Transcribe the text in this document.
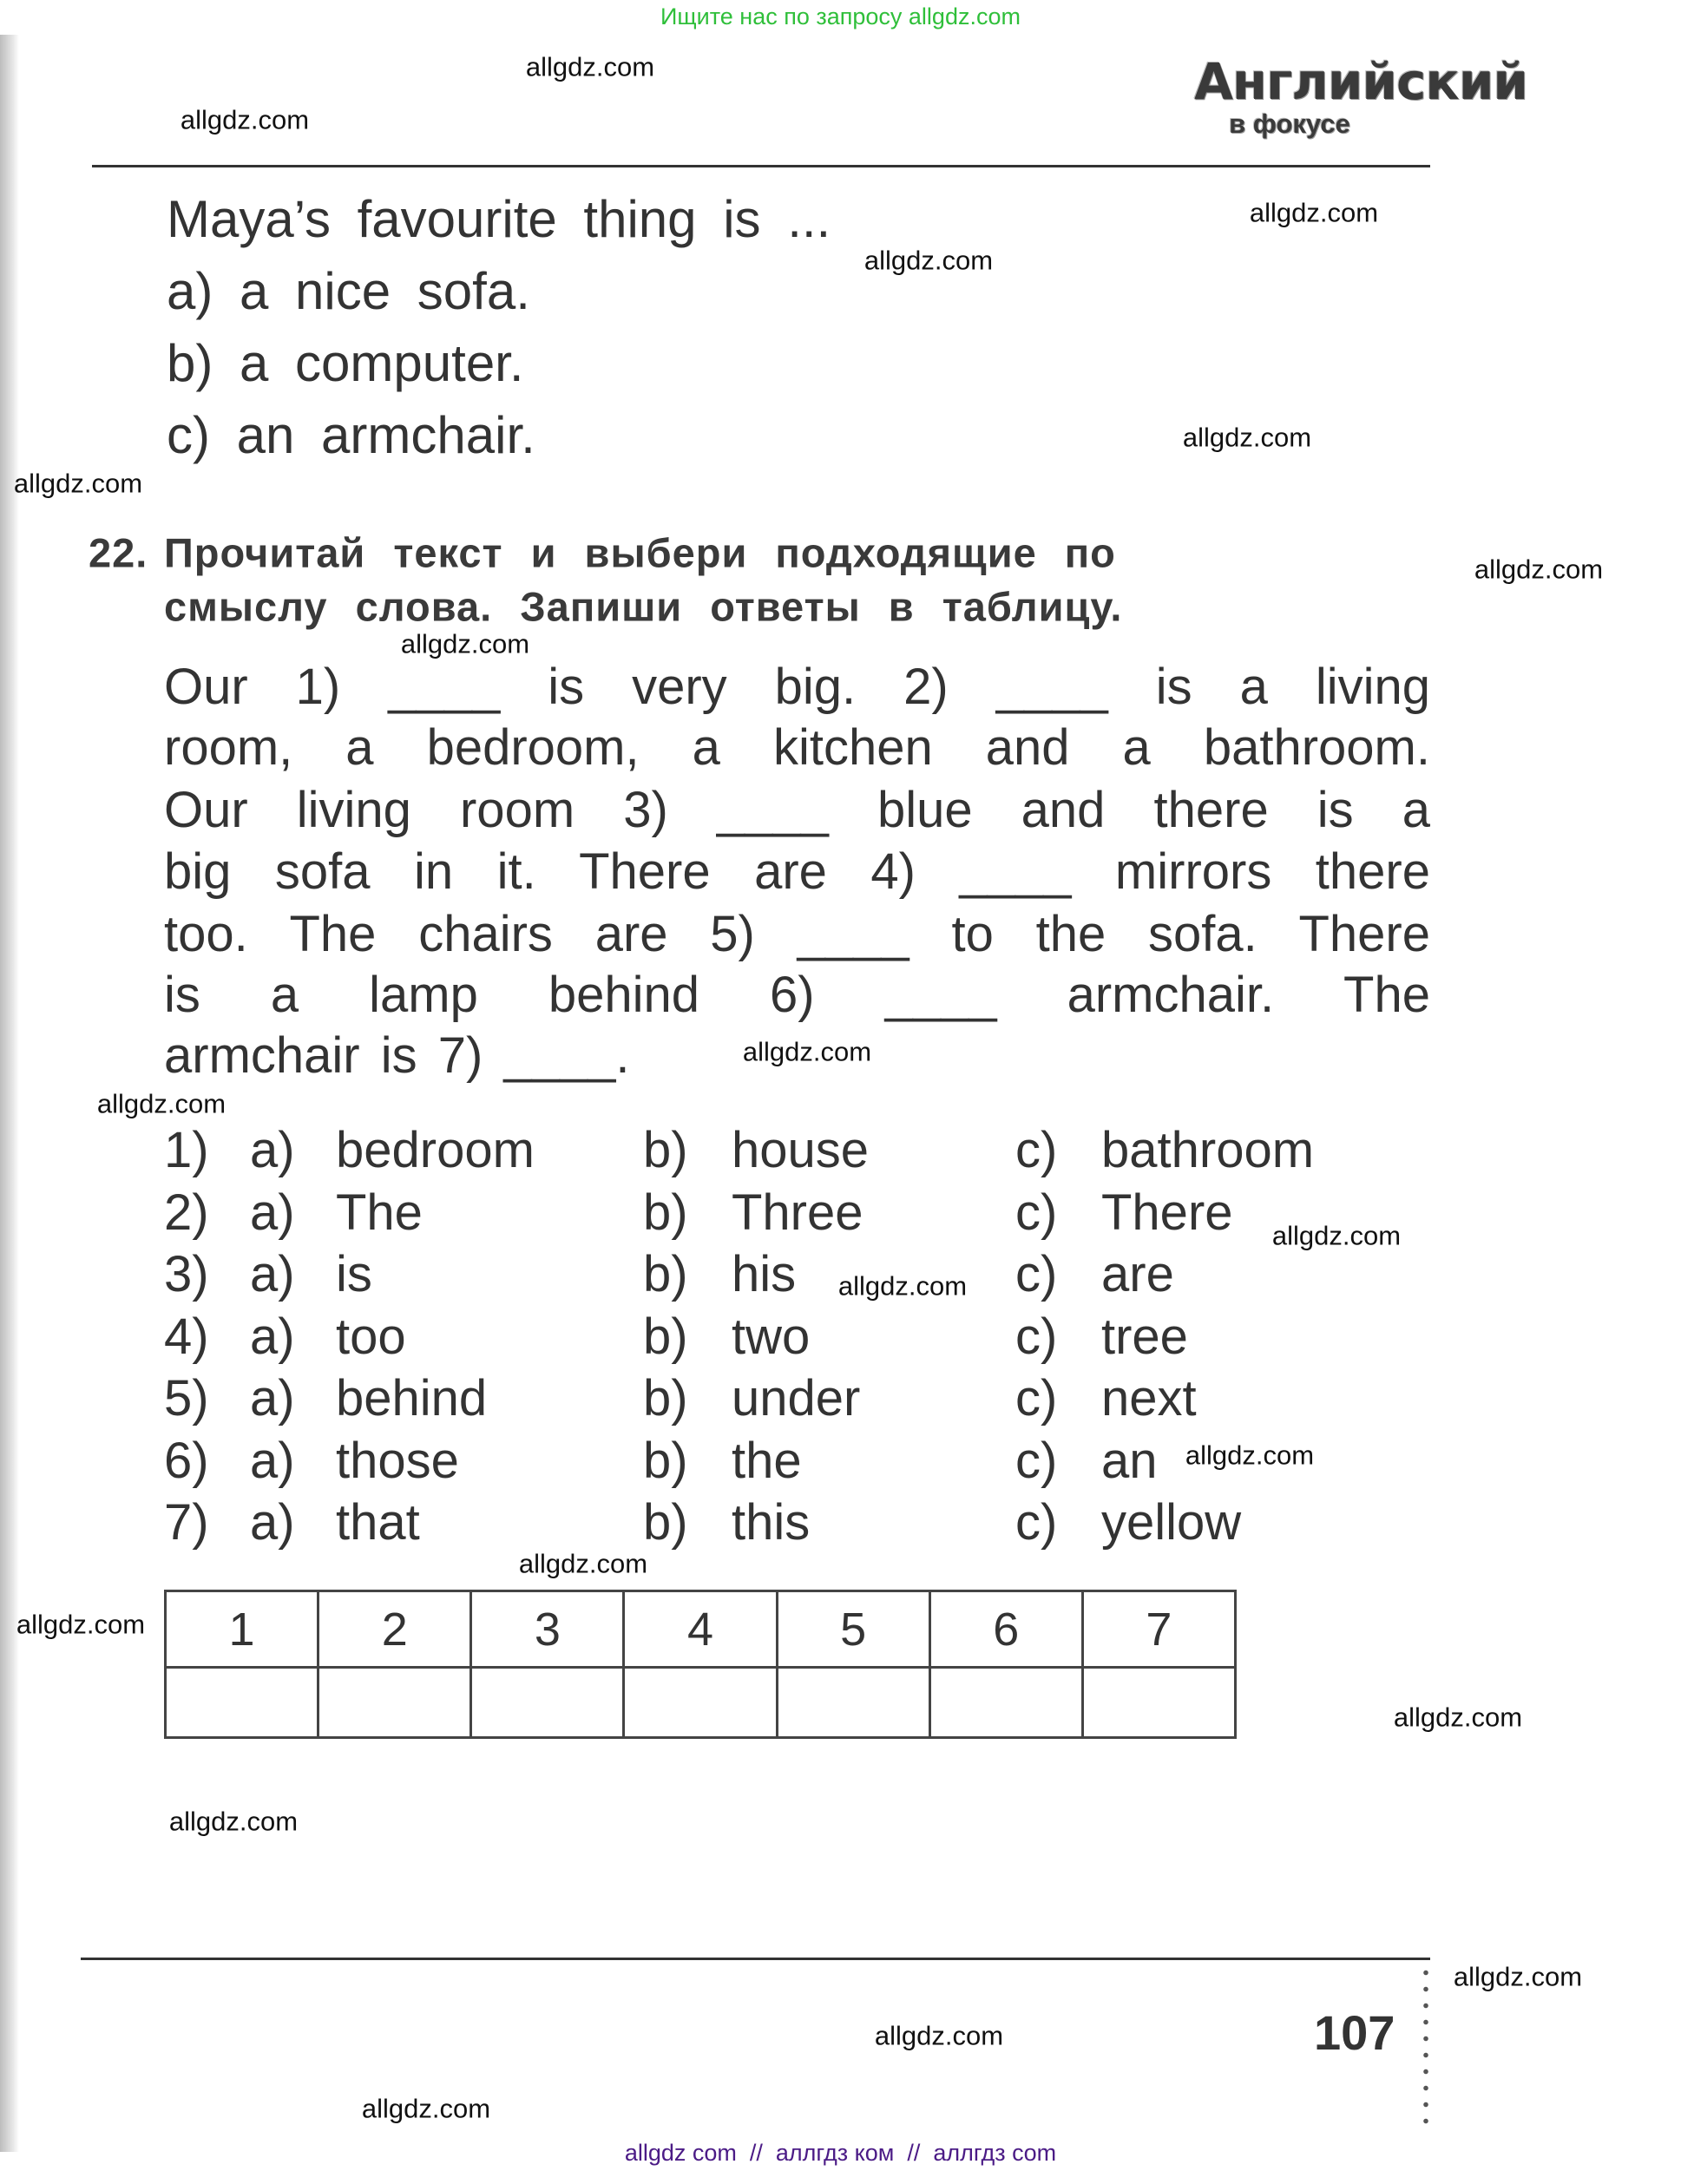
Ищите нас по запросу allgdz.com
Английский
в фокусе
Maya’s favourite thing is ...
a) a nice sofa.
b) a computer.
c) an armchair.
22. Прочитай текст и выбери подходящие по
смыслу слова. Запиши ответы в таблицу.
Our 1) ____ is very big. 2) ____ is a living
room, a bedroom, a kitchen and a bathroom.
Our living room 3) ____ blue and there is a
big sofa in it. There are 4) ____ mirrors there
too. The chairs are 5) ____ to the sofa. There
is a lamp behind 6) ____ armchair. The
armchair is 7) ____.
1) a) bedroom b) house	c) bathroom
2) a) The	b) Three	c) There
3) a) is	b) his	c) are
4) a) too	b) two	c) tree
5) a) behind	b) under	c) next
6) a) those	b) the	c) an
7) a) that	b) this	c) yellow
1	2	3	4	5	6	7

107
allgdz com  //  аллгдз ком  //  аллгдз com
allgdz.com
allgdz.com
allgdz.com
allgdz.com
allgdz.com
allgdz.com
allgdz.com
allgdz.com
allgdz.com
allgdz.com
allgdz.com
allgdz.com
allgdz.com
allgdz.com
allgdz.com
allgdz.com
allgdz.com
allgdz.com
allgdz.com
allgdz.com
